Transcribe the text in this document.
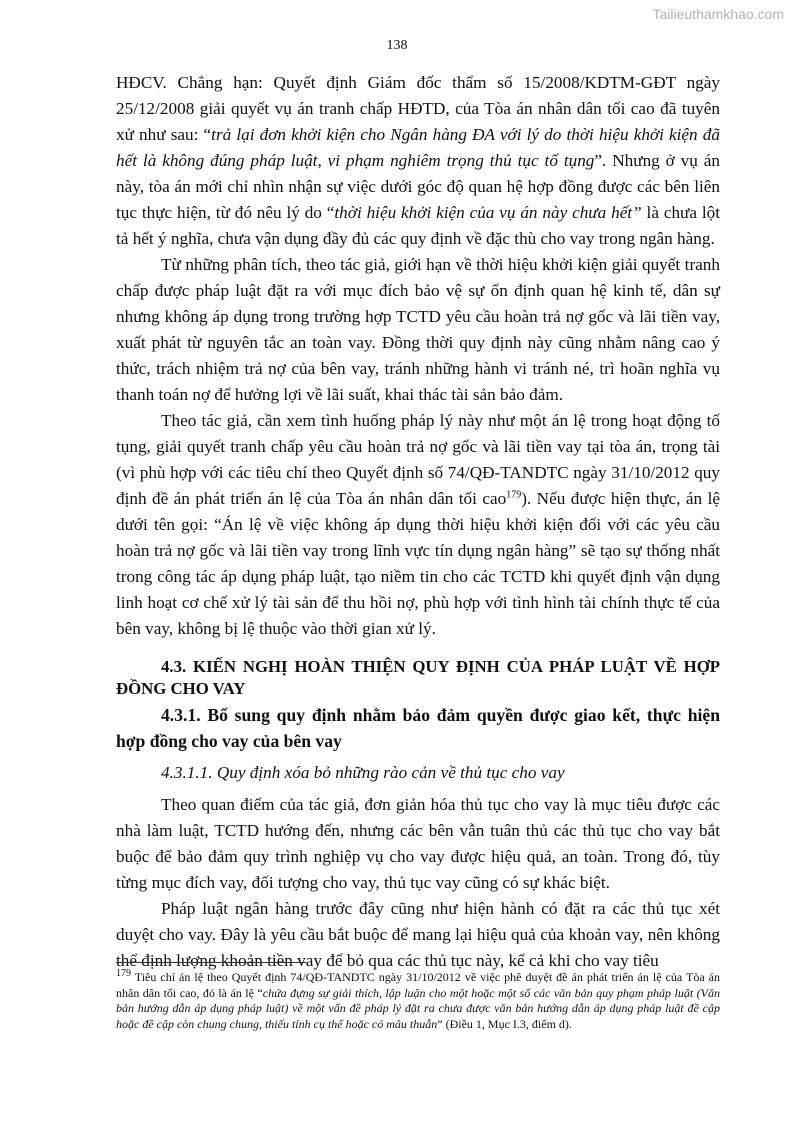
Tailieuthamkhao.com
138

HĐCV. Chẳng hạn: Quyết định Giám đốc thẩm số 15/2008/KDTM-GĐT ngày 25/12/2008 giải quyết vụ án tranh chấp HĐTD, của Tòa án nhân dân tối cao đã tuyên xử như sau: “trả lại đơn khởi kiện cho Ngân hàng ĐA với lý do thời hiệu khởi kiện đã hết là không đúng pháp luật, vi phạm nghiêm trọng thủ tục tố tụng”. Nhưng ở vụ án này, tòa án mới chỉ nhìn nhận sự việc dưới góc độ quan hệ hợp đồng được các bên liên tục thực hiện, từ đó nêu lý do “thời hiệu khởi kiện của vụ án này chưa hết” là chưa lột tả hết ý nghĩa, chưa vận dụng đầy đủ các quy định về đặc thù cho vay trong ngân hàng.

Từ những phân tích, theo tác giả, giới hạn về thời hiệu khởi kiện giải quyết tranh chấp được pháp luật đặt ra với mục đích bảo vệ sự ổn định quan hệ kinh tế, dân sự nhưng không áp dụng trong trường hợp TCTD yêu cầu hoàn trả nợ gốc và lãi tiền vay, xuất phát từ nguyên tắc an toàn vay. Đồng thời quy định này cũng nhằm nâng cao ý thức, trách nhiệm trả nợ của bên vay, tránh những hành vi tránh né, trì hoãn nghĩa vụ thanh toán nợ để hưởng lợi về lãi suất, khai thác tài sản bảo đảm.

Theo tác giả, cần xem tình huống pháp lý này như một án lệ trong hoạt động tố tụng, giải quyết tranh chấp yêu cầu hoàn trả nợ gốc và lãi tiền vay tại tòa án, trọng tài (vì phù hợp với các tiêu chí theo Quyết định số 74/QĐ-TANDTC ngày 31/10/2012 quy định đề án phát triển án lệ của Tòa án nhân dân tối cao$^{179}$). Nếu được hiện thực, án lệ dưới tên gọi: “Án lệ về việc không áp dụng thời hiệu khởi kiện đối với các yêu cầu hoàn trả nợ gốc và lãi tiền vay trong lĩnh vực tín dụng ngân hàng” sẽ tạo sự thống nhất trong công tác áp dụng pháp luật, tạo niềm tin cho các TCTD khi quyết định vận dụng linh hoạt cơ chế xử lý tài sản để thu hồi nợ, phù hợp với tình hình tài chính thực tế của bên vay, không bị lệ thuộc vào thời gian xử lý.

4.3. KIẾN NGHỊ HOÀN THIỆN QUY ĐỊNH CỦA PHÁP LUẬT VỀ HỢP ĐỒNG CHO VAY

4.3.1. Bổ sung quy định nhằm bảo đảm quyền được giao kết, thực hiện hợp đồng cho vay của bên vay

4.3.1.1. Quy định xóa bỏ những rào cản về thủ tục cho vay

Theo quan điểm của tác giả, đơn giản hóa thủ tục cho vay là mục tiêu được các nhà làm luật, TCTD hướng đến, nhưng các bên vẫn tuân thủ các thủ tục cho vay bắt buộc để bảo đảm quy trình nghiệp vụ cho vay được hiệu quả, an toàn. Trong đó, tùy từng mục đích vay, đối tượng cho vay, thủ tục vay cũng có sự khác biệt.

Pháp luật ngân hàng trước đây cũng như hiện hành có đặt ra các thủ tục xét duyệt cho vay. Đây là yêu cầu bắt buộc để mang lại hiệu quả của khoản vay, nên không thể định lượng khoản tiền vay để bỏ qua các thủ tục này, kể cả khi cho vay tiêu

$^{179}$ Tiêu chí án lệ theo Quyết định 74/QĐ-TANDTC ngày 31/10/2012 về việc phê duyệt đề án phát triển án lệ của Tòa án nhân dân tối cao, đó là án lệ “chứa đựng sự giải thích, lập luận cho một hoặc một số các văn bản quy phạm pháp luật (Văn bản hướng dẫn áp dụng pháp luật) về một vấn đề pháp lý đặt ra chưa được văn bản hướng dẫn áp dụng pháp luật đề cập hoặc đề cập còn chung chung, thiếu tính cụ thể hoặc có mâu thuẫn” (Điều 1, Mục I.3, điểm d).
